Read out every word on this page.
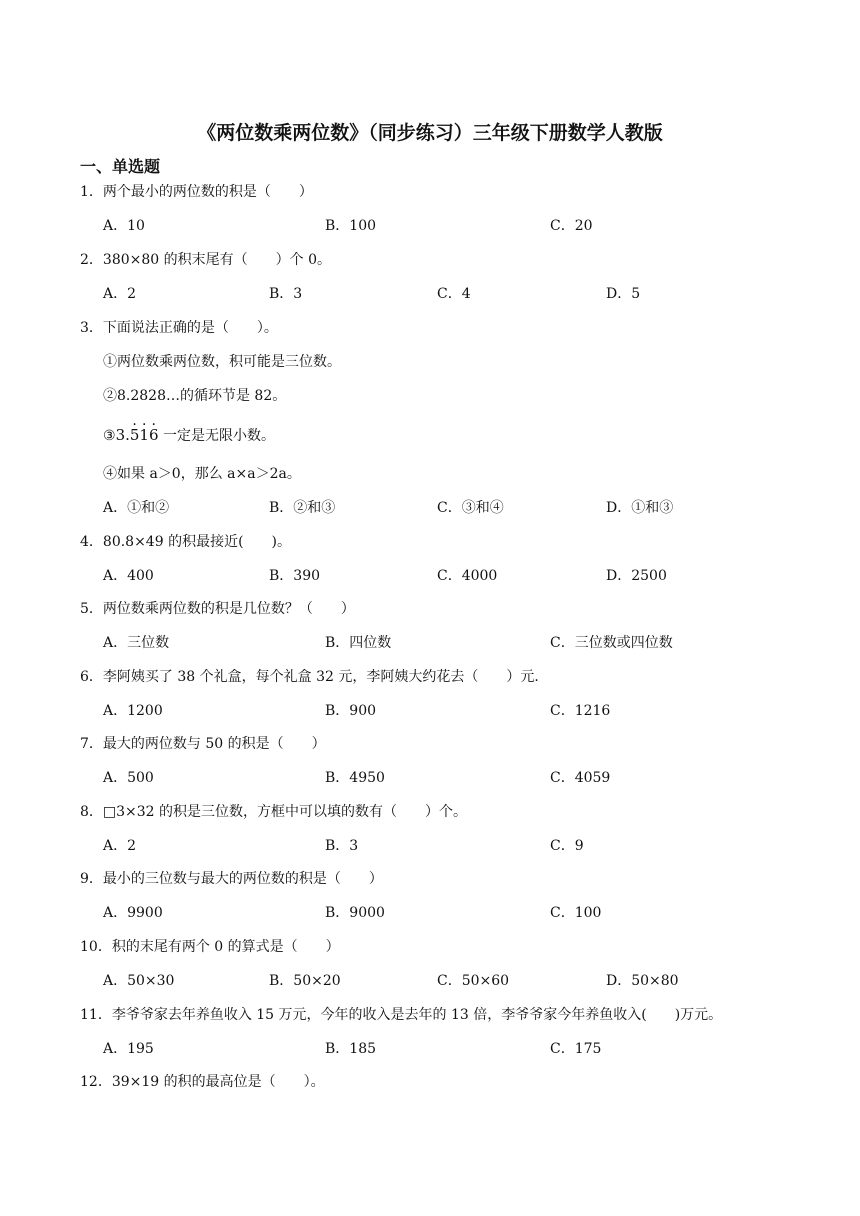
《两位数乘两位数》（同步练习）三年级下册数学人教版
一、单选题
1．两个最小的两位数的积是（　　）
A．10	B．100	C．20
2．380×80 的积末尾有（　　）个 0。
A．2	B．3	C．4	D．5
3．下面说法正确的是（　　）。
①两位数乘两位数，积可能是三位数。
②8.2828…的循环节是 82。
③3.· 5· 1· 6 一定是无限小数。
④如果 a＞0，那么 a×a＞2a。
A．①和②	B．②和③	C．③和④	D．①和③
4．80.8×49 的积最接近(　　)。
A．400	B．390	C．4000	D．2500
5．两位数乘两位数的积是几位数？（　　）
A．三位数	B．四位数	C．三位数或四位数
6．李阿姨买了 38 个礼盒，每个礼盒 32 元，李阿姨大约花去（　　）元．
A．1200	B．900	C．1216
7．最大的两位数与 50 的积是（　　）
A．500	B．4950	C．4059
8．□3×32 的积是三位数，方框中可以填的数有（　　）个。
A．2	B．3	C．9
9．最小的三位数与最大的两位数的积是（　　）
A．9900	B．9000	C．100
10．积的末尾有两个 0 的算式是（　　）
A．50×30	B．50×20	C．50×60	D．50×80
11．李爷爷家去年养鱼收入 15 万元，今年的收入是去年的 13 倍，李爷爷家今年养鱼收入(　　)万元。
A．195	B．185	C．175
12．39×19 的积的最高位是（　　）。
